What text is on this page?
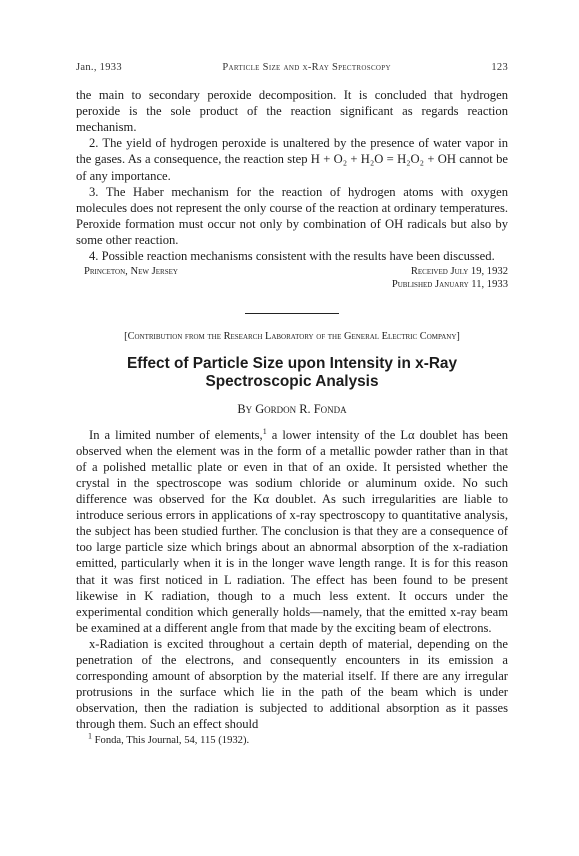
Jan., 1933	Particle Size and x-Ray Spectroscopy	123

the main to secondary peroxide decomposition. It is concluded that hydrogen peroxide is the sole product of the reaction significant as regards reaction mechanism.

2. The yield of hydrogen peroxide is unaltered by the presence of water vapor in the gases. As a consequence, the reaction step H + O₂ + H₂O = H₂O₂ + OH cannot be of any importance.

3. The Haber mechanism for the reaction of hydrogen atoms with oxygen molecules does not represent the only course of the reaction at ordinary temperatures. Peroxide formation must occur not only by combination of OH radicals but also by some other reaction.

4. Possible reaction mechanisms consistent with the results have been discussed.

Princeton, New Jersey	Received July 19, 1932
Published January 11, 1933
[Contribution from the Research Laboratory of the General Electric Company]
Effect of Particle Size upon Intensity in x-Ray Spectroscopic Analysis
By Gordon R. Fonda

In a limited number of elements,$^1$ a lower intensity of the Lα doublet has been observed when the element was in the form of a metallic powder rather than in that of a polished metallic plate or even in that of an oxide. It persisted whether the crystal in the spectroscope was sodium chloride or aluminum oxide. No such difference was observed for the Kα doublet. As such irregularities are liable to introduce serious errors in applications of x-ray spectroscopy to quantitative analysis, the subject has been studied further. The conclusion is that they are a consequence of too large particle size which brings about an abnormal absorption of the x-radiation emitted, particularly when it is in the longer wave length range. It is for this reason that it was first noticed in L radiation. The effect has been found to be present likewise in K radiation, though to a much less extent. It occurs under the experimental condition which generally holds—namely, that the emitted x-ray beam be examined at a different angle from that made by the exciting beam of electrons.

x-Radiation is excited throughout a certain depth of material, depending on the penetration of the electrons, and consequently encounters in its emission a corresponding amount of absorption by the material itself. If there are any irregular protrusions in the surface which lie in the path of the beam which is under observation, then the radiation is subjected to additional absorption as it passes through them. Such an effect should

$^1$ Fonda, This Journal, 54, 115 (1932).
